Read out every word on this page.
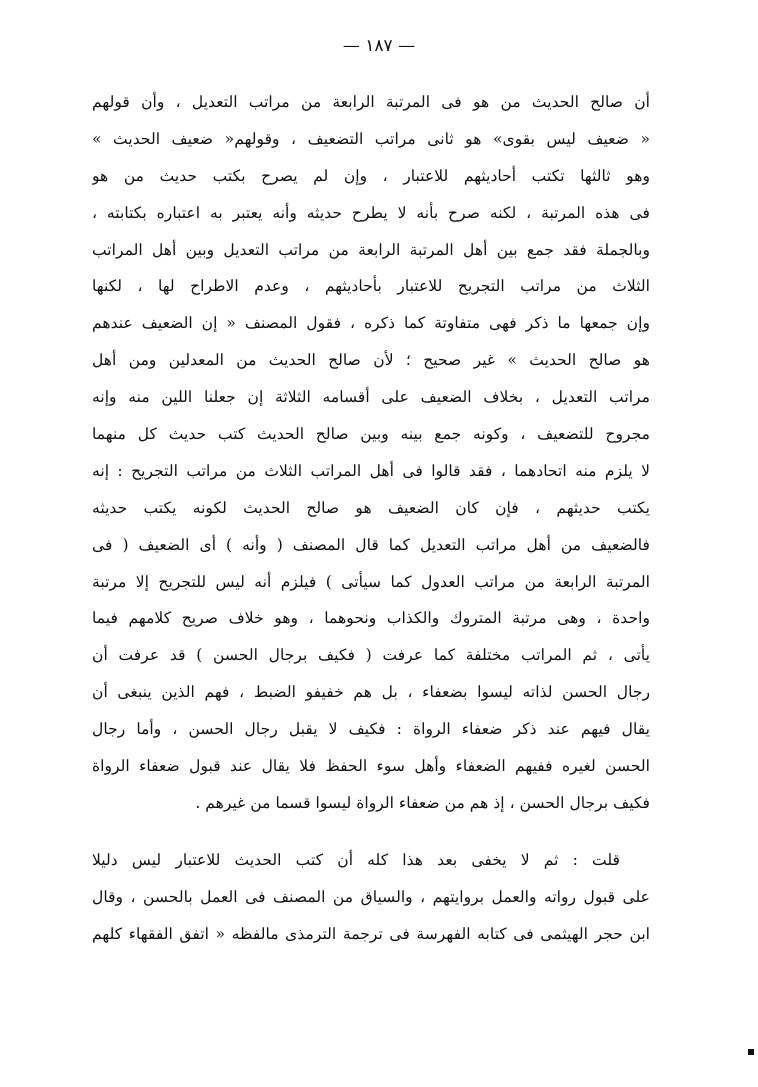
— ١٨٧ —
أن صالح الحديث من هو فى المرتبة الرابعة من مراتب التعديل ، وأن قولهم
« ضعيف ليس بقوى» هو ثانى مراتب التضعيف ، وقولهم« ضعيف الحديث »
وهو ثالثها تكتب أحاديثهم للاعتبار ، وإن لم يصرح بكتب حديث من هو
فى هذه المرتبة ، لكنه صرح بأنه لا يطرح حديثه وأنه يعتبر به اعتباره بكتابته ،
وبالجملة فقد جمع بين أهل المرتبة الرابعة من مراتب التعديل وبين أهل المراتب
الثلاث من مراتب التجريح للاعتبار بأحاديثهم ، وعدم الاطراح لها ، لكنها
وإن جمعها ما ذكر فهى متفاوتة كما ذكره ، فقول المصنف « إن الضعيف عندهم
هو صالح الحديث » غير صحيح ؛ لأن صالح الحديث من المعدلين ومن أهل
مراتب التعديل ، بخلاف الضعيف على أقسامه الثلاثة إن جعلنا اللين منه وإنه
مجروح للتضعيف ، وكونه جمع بينه وبين صالح الحديث كتب حديث كل منهما
لا يلزم منه اتحادهما ، فقد قالوا فى أهل المراتب الثلاث من مراتب التجريح : إنه
يكتب حديثهم ، فإن كان الضعيف هو صالح الحديث لكونه يكتب حديثه
فالضعيف من أهل مراتب التعديل كما قال المصنف ( وأنه ) أى الضعيف ( فى
المرتبة الرابعة من مراتب العدول كما سيأتى ) فيلزم أنه ليس للتجريح إلا مرتبة
واحدة ، وهى مرتبة المتروك والكذاب ونحوهما ، وهو خلاف صريح كلامهم فيما
يأتى ، ثم المراتب مختلفة كما عرفت ( فكيف برجال الحسن ) قد عرفت أن
رجال الحسن لذاته ليسوا بضعفاء ، بل هم خفيفو الضبط ، فهم الذين ينبغى أن
يقال فيهم عند ذكر ضعفاء الرواة : فكيف لا يقبل رجال الحسن ، وأما رجال
الحسن لغيره ففيهم الضعفاء وأهل سوء الحفظ فلا يقال عند قبول ضعفاء الرواة
فكيف برجال الحسن ، إذ هم من ضعفاء الرواة ليسوا قسما من غيرهم .
قلت : ثم لا يخفى بعد هذا كله أن كتب الحديث للاعتبار ليس دليلا
على قبول رواته والعمل بروايتهم ، والسياق من المصنف فى العمل بالحسن ، وقال
ابن حجر الهيثمى فى كتابه الفهرسة فى ترجمة الترمذى مالفظه « اتفق الفقهاء كلهم
